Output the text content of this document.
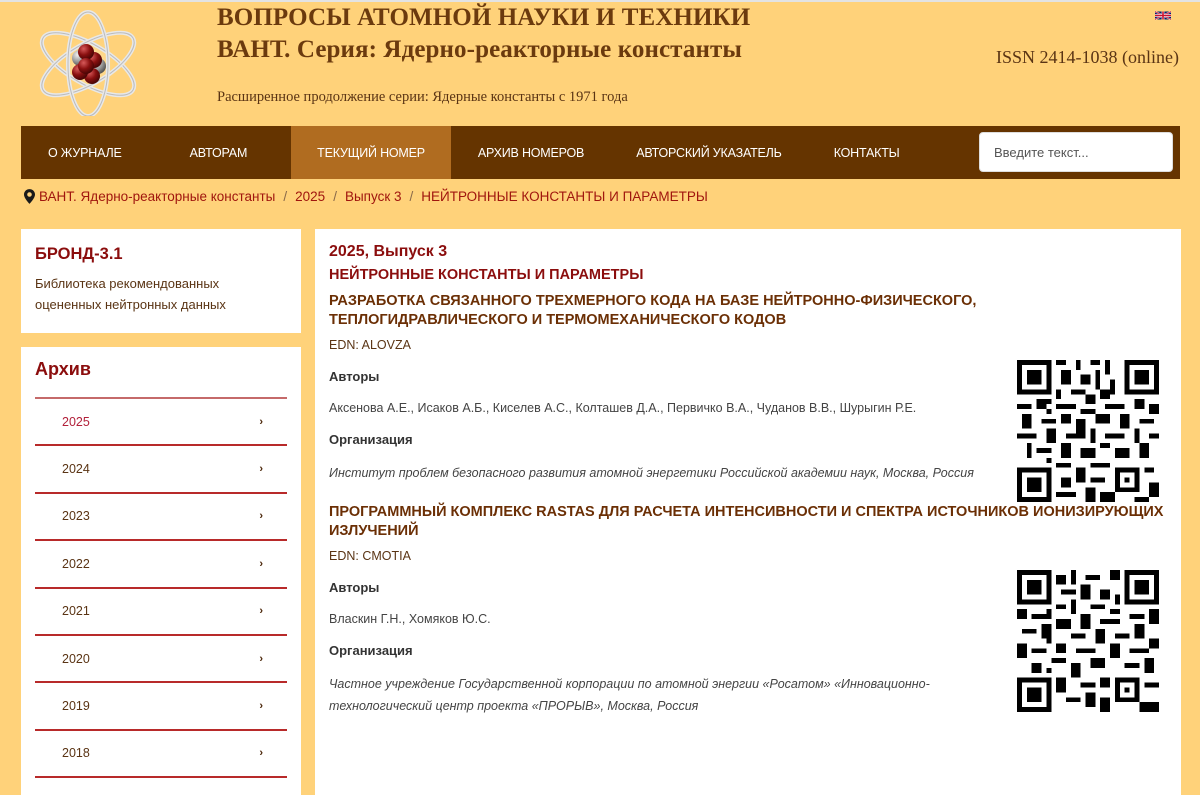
ВОПРОСЫ АТОМНОЙ НАУКИ И ТЕХНИКИ
ВАНТ. Серия: Ядерно-реакторные константы
Расширенное продолжение серии: Ядерные константы с 1971 года
ISSN 2414-1038 (online)
О ЖУРНАЛЕ	АВТОРАМ	ТЕКУЩИЙ НОМЕР	АРХИВ НОМЕРОВ	АВТОРСКИЙ УКАЗАТЕЛЬ	КОНТАКТЫ
Введите текст...
ВАНТ. Ядерно-реакторные константы / 2025 / Выпуск 3 / НЕЙТРОННЫЕ КОНСТАНТЫ И ПАРАМЕТРЫ
БРОНД-3.1
Библиотека рекомендованных оцененных нейтронных данных
Архив
2025	›
2024	›
2023	›
2022	›
2021	›
2020	›
2019	›
2018	›
2025, Выпуск 3
НЕЙТРОННЫЕ КОНСТАНТЫ И ПАРАМЕТРЫ
РАЗРАБОТКА СВЯЗАННОГО ТРЕХМЕРНОГО КОДА НА БАЗЕ НЕЙТРОННО-ФИЗИЧЕСКОГО, ТЕПЛОГИДРАВЛИЧЕСКОГО И ТЕРМОМЕХАНИЧЕСКОГО КОДОВ
EDN: ALOVZA
Авторы
Аксенова А.Е., Исаков А.Б., Киселев А.С., Колташев Д.А., Первичко В.А., Чуданов В.В., Шурыгин Р.Е.
Организация
Институт проблем безопасного развития атомной энергетики Российской академии наук, Москва, Россия
ПРОГРАММНЫЙ КОМПЛЕКС RASTAS ДЛЯ РАСЧЕТА ИНТЕНСИВНОСТИ И СПЕКТРА ИСТОЧНИКОВ ИОНИЗИРУЮЩИХ ИЗЛУЧЕНИЙ
EDN: CMOTIA
Авторы
Власкин Г.Н., Хомяков Ю.С.
Организация
Частное учреждение Государственной корпорации по атомной энергии «Росатом» «Инновационно-технологический центр проекта «ПРОРЫВ», Москва, Россия
